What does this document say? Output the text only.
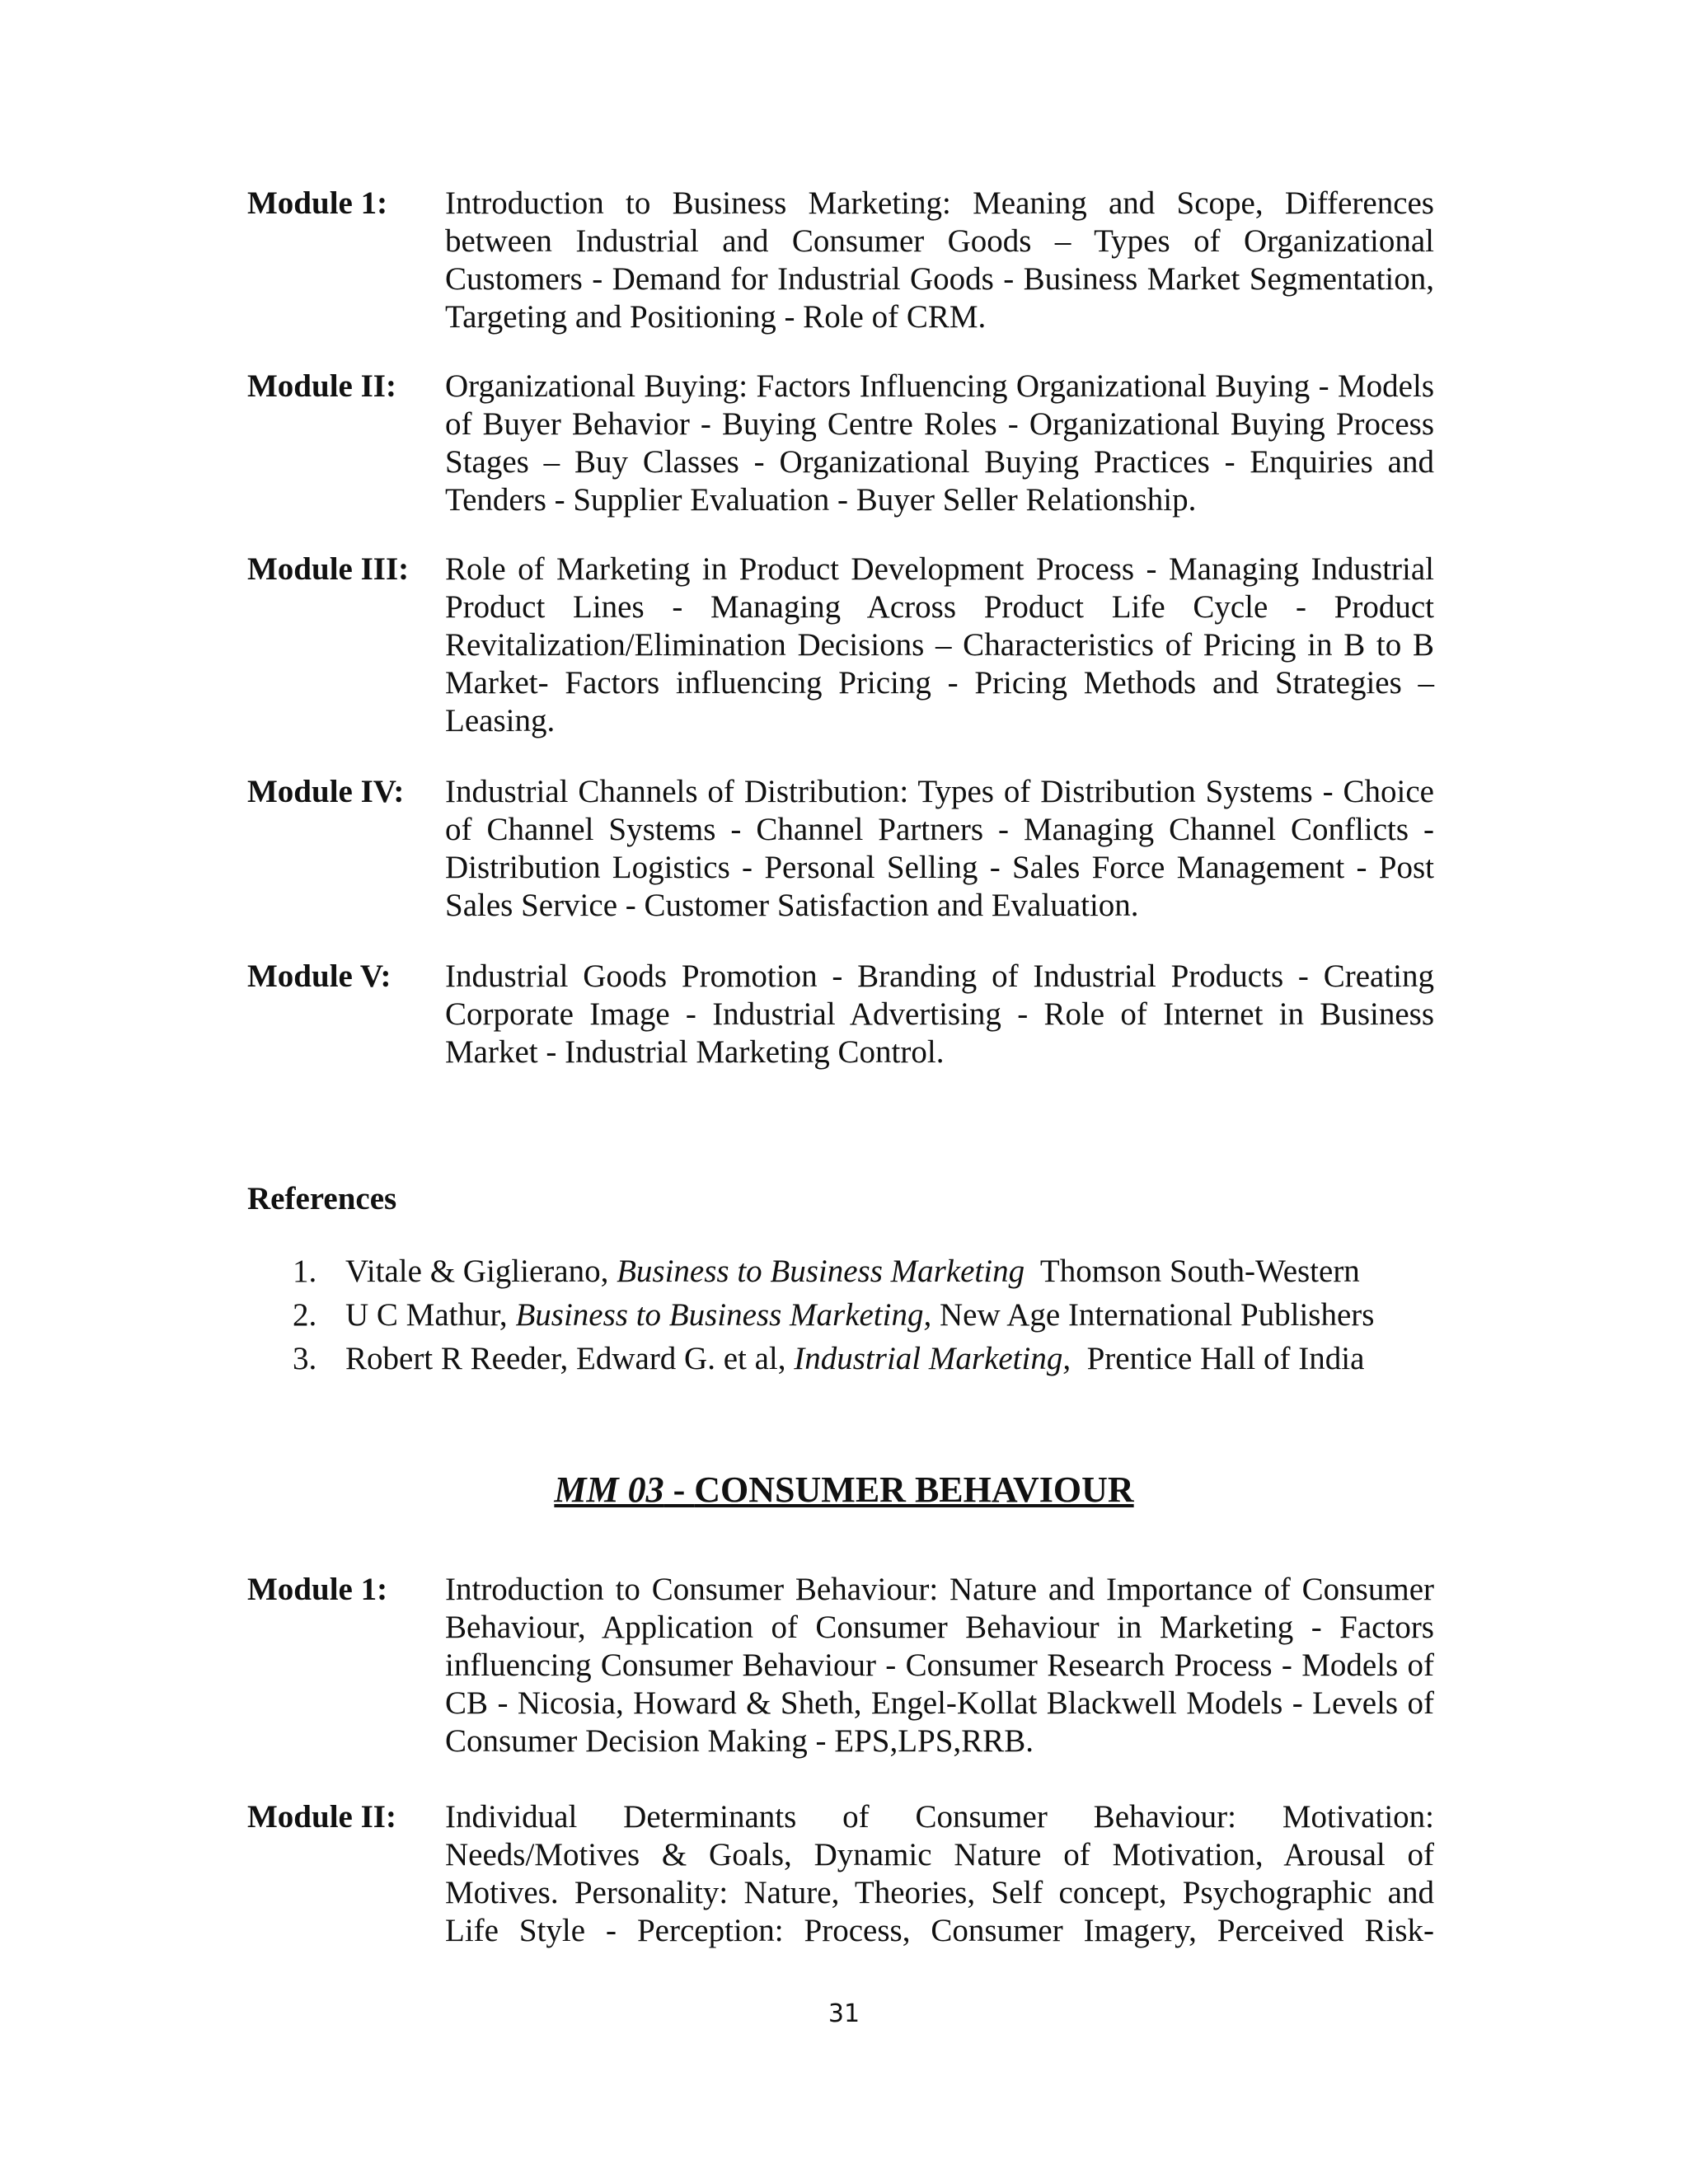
Module 1:	Introduction to Business Marketing: Meaning and Scope, Differences between Industrial and Consumer Goods – Types of Organizational Customers - Demand for Industrial Goods - Business Market Segmentation, Targeting and Positioning - Role of CRM.
Module II:	Organizational Buying: Factors Influencing Organizational Buying - Models of Buyer Behavior - Buying Centre Roles - Organizational Buying Process Stages – Buy Classes - Organizational Buying Practices - Enquiries and Tenders - Supplier Evaluation - Buyer Seller Relationship.
Module III:	Role of Marketing in Product Development Process - Managing Industrial Product Lines - Managing Across Product Life Cycle - Product Revitalization/Elimination Decisions – Characteristics of Pricing in B to B Market- Factors influencing Pricing - Pricing Methods and Strategies – Leasing.
Module IV:	Industrial Channels of Distribution: Types of Distribution Systems - Choice of Channel Systems - Channel Partners - Managing Channel Conflicts - Distribution Logistics - Personal Selling - Sales Force Management - Post Sales Service - Customer Satisfaction and Evaluation.
Module V:	Industrial Goods Promotion - Branding of Industrial Products - Creating Corporate Image - Industrial Advertising - Role of Internet in Business Market - Industrial Marketing Control.
References
1. Vitale & Giglierano, Business to Business Marketing  Thomson South-Western
2. U C Mathur, Business to Business Marketing, New Age International Publishers
3. Robert R Reeder, Edward G. et al, Industrial Marketing,  Prentice Hall of India
MM 03 - CONSUMER BEHAVIOUR
Module 1:	Introduction to Consumer Behaviour: Nature and Importance of Consumer Behaviour, Application of Consumer Behaviour in Marketing - Factors influencing Consumer Behaviour - Consumer Research Process - Models of CB - Nicosia, Howard & Sheth, Engel-Kollat Blackwell Models - Levels of Consumer Decision Making - EPS,LPS,RRB.
Module II:	Individual Determinants of Consumer Behaviour: Motivation: Needs/Motives & Goals, Dynamic Nature of Motivation, Arousal of Motives. Personality: Nature, Theories, Self concept, Psychographic and Life Style - Perception: Process, Consumer Imagery, Perceived Risk-
31
